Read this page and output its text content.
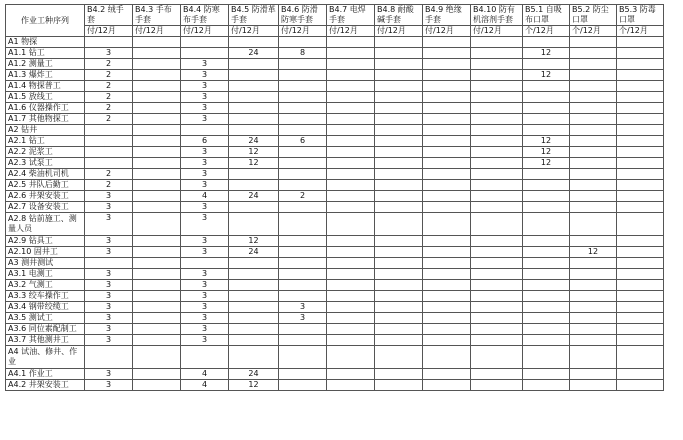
作业工种序列	B4.2 绒手套	B4.3 手布手套	B4.4 防寒布手套	B4.5 防滑革手套	B4.6 防滑防寒手套	B4.7 电焊手套	B4.8 耐酸碱手套	B4.9 绝缘手套	B4.10 防有机溶剂手套	B5.1 自吸布口罩	B5.2 防尘口罩	B5.3 防毒口罩
	付/12月	付/12月	付/12月	付/12月	付/12月	付/12月	付/12月	付/12月	付/12月	个/12月	个/12月	个/12月
A1 物探												
A1.1 钻工	3			24	8					12		
A1.2 测量工	2		3									
A1.3 爆炸工	2		3							12		
A1.4 物探普工	2		3									
A1.5 放线工	2		3									
A1.6 仪器操作工	2		3									
A1.7 其他物探工	2		3									
A2 钻井												
A2.1 钻工			6	24	6					12		
A2.2 泥浆工			3	12						12		
A2.3 试泵工			3	12						12		
A2.4 柴油机司机	2		3									
A2.5 井队后勤工	2		3									
A2.6 井架安装工	3		4	24	2							
A2.7 设备安装工	3		3									
A2.8 钻前施工、测量人员	3		3									
A2.9 钻具工	3		3	12								
A2.10 固井工	3		3	24							12	
A3 测井测试												
A3.1 电测工	3		3									
A3.2 气测工	3		3									
A3.3 绞车操作工	3		3									
A3.4 钢带绞缆工	3		3		3							
A3.5 测试工	3		3		3							
A3.6 同位素配制工	3		3									
A3.7 其他测井工	3		3									
A4 试油、修井、作业												
A4.1 作业工	3		4	24								
A4.2 井架安装工	3		4	12								
